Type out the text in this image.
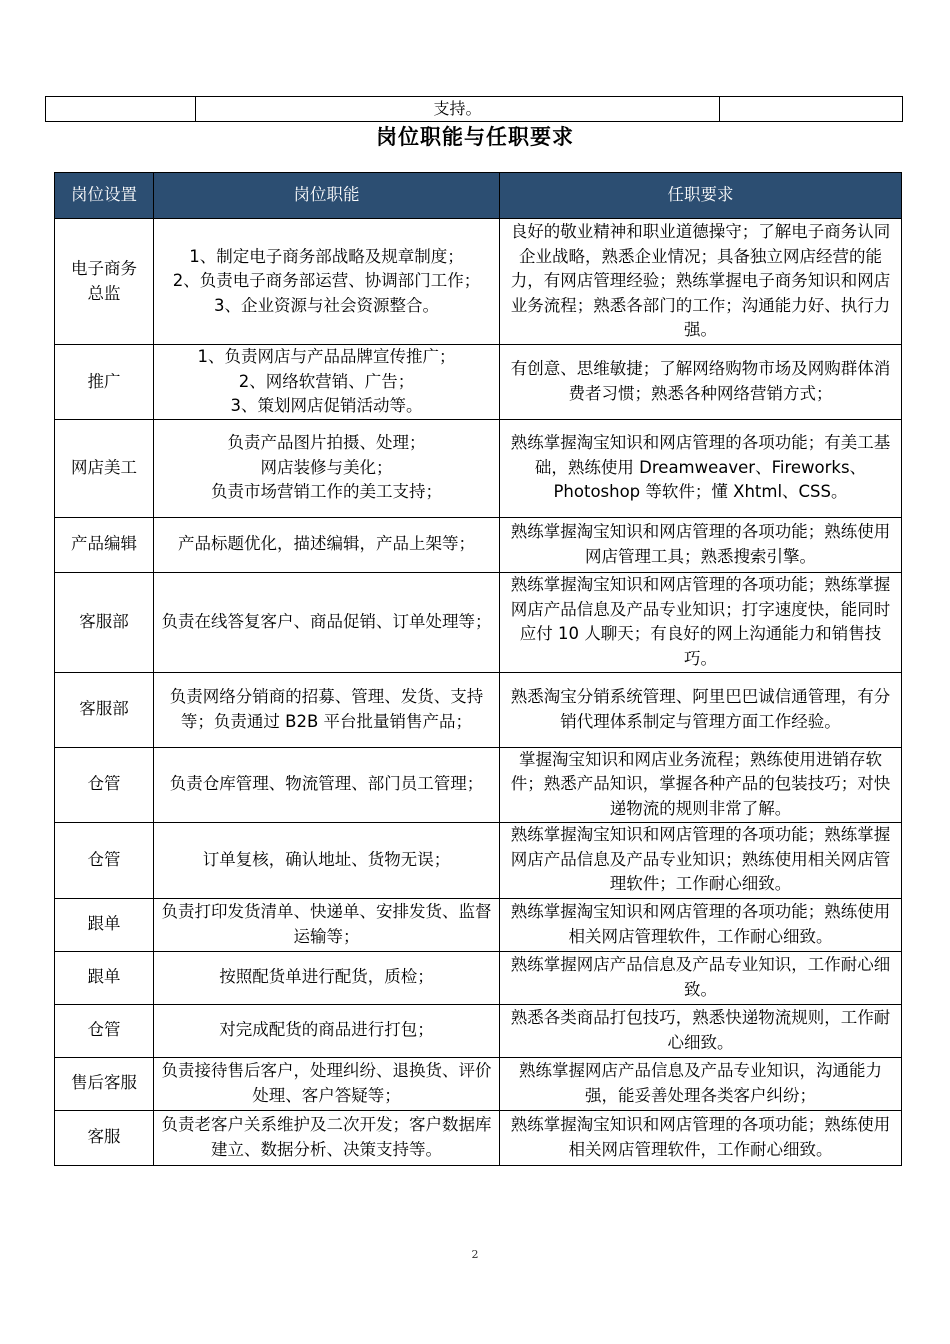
	支持。	
岗位职能与任职要求
岗位设置	岗位职能	任职要求
电子商务总监	1、制定电子商务部战略及规章制度；
2、负责电子商务部运营、协调部门工作；
3、企业资源与社会资源整合。	良好的敬业精神和职业道德操守；了解电子商务认同企业战略，熟悉企业情况；具备独立网店经营的能力，有网店管理经验；熟练掌握电子商务知识和网店业务流程；熟悉各部门的工作；沟通能力好、执行力强。
推广	1、负责网店与产品品牌宣传推广；
2、网络软营销、广告；
3、策划网店促销活动等。	有创意、思维敏捷；了解网络购物市场及网购群体消费者习惯；熟悉各种网络营销方式；
网店美工	负责产品图片拍摄、处理；
网店装修与美化；
负责市场营销工作的美工支持；	熟练掌握淘宝知识和网店管理的各项功能；有美工基础，熟练使用 Dreamweaver、Fireworks、Photoshop 等软件；懂 Xhtml、CSS。
产品编辑	产品标题优化，描述编辑，产品上架等；	熟练掌握淘宝知识和网店管理的各项功能；熟练使用网店管理工具；熟悉搜索引擎。
客服部	负责在线答复客户、商品促销、订单处理等；	熟练掌握淘宝知识和网店管理的各项功能；熟练掌握网店产品信息及产品专业知识；打字速度快，能同时应付 10 人聊天；有良好的网上沟通能力和销售技巧。
客服部	负责网络分销商的招募、管理、发货、支持等；负责通过 B2B 平台批量销售产品；	熟悉淘宝分销系统管理、阿里巴巴诚信通管理，有分销代理体系制定与管理方面工作经验。
仓管	负责仓库管理、物流管理、部门员工管理；	掌握淘宝知识和网店业务流程；熟练使用进销存软件；熟悉产品知识，掌握各种产品的包装技巧；对快递物流的规则非常了解。
仓管	订单复核，确认地址、货物无误；	熟练掌握淘宝知识和网店管理的各项功能；熟练掌握网店产品信息及产品专业知识；熟练使用相关网店管理软件；工作耐心细致。
跟单	负责打印发货清单、快递单、安排发货、监督运输等；	熟练掌握淘宝知识和网店管理的各项功能；熟练使用相关网店管理软件，工作耐心细致。
跟单	按照配货单进行配货，质检；	熟练掌握网店产品信息及产品专业知识，工作耐心细致。
仓管	对完成配货的商品进行打包；	熟悉各类商品打包技巧，熟悉快递物流规则，工作耐心细致。
售后客服	负责接待售后客户，处理纠纷、退换货、评价处理、客户答疑等；	熟练掌握网店产品信息及产品专业知识，沟通能力强，能妥善处理各类客户纠纷；
客服	负责老客户关系维护及二次开发；客户数据库建立、数据分析、决策支持等。	熟练掌握淘宝知识和网店管理的各项功能；熟练使用相关网店管理软件，工作耐心细致。
2
